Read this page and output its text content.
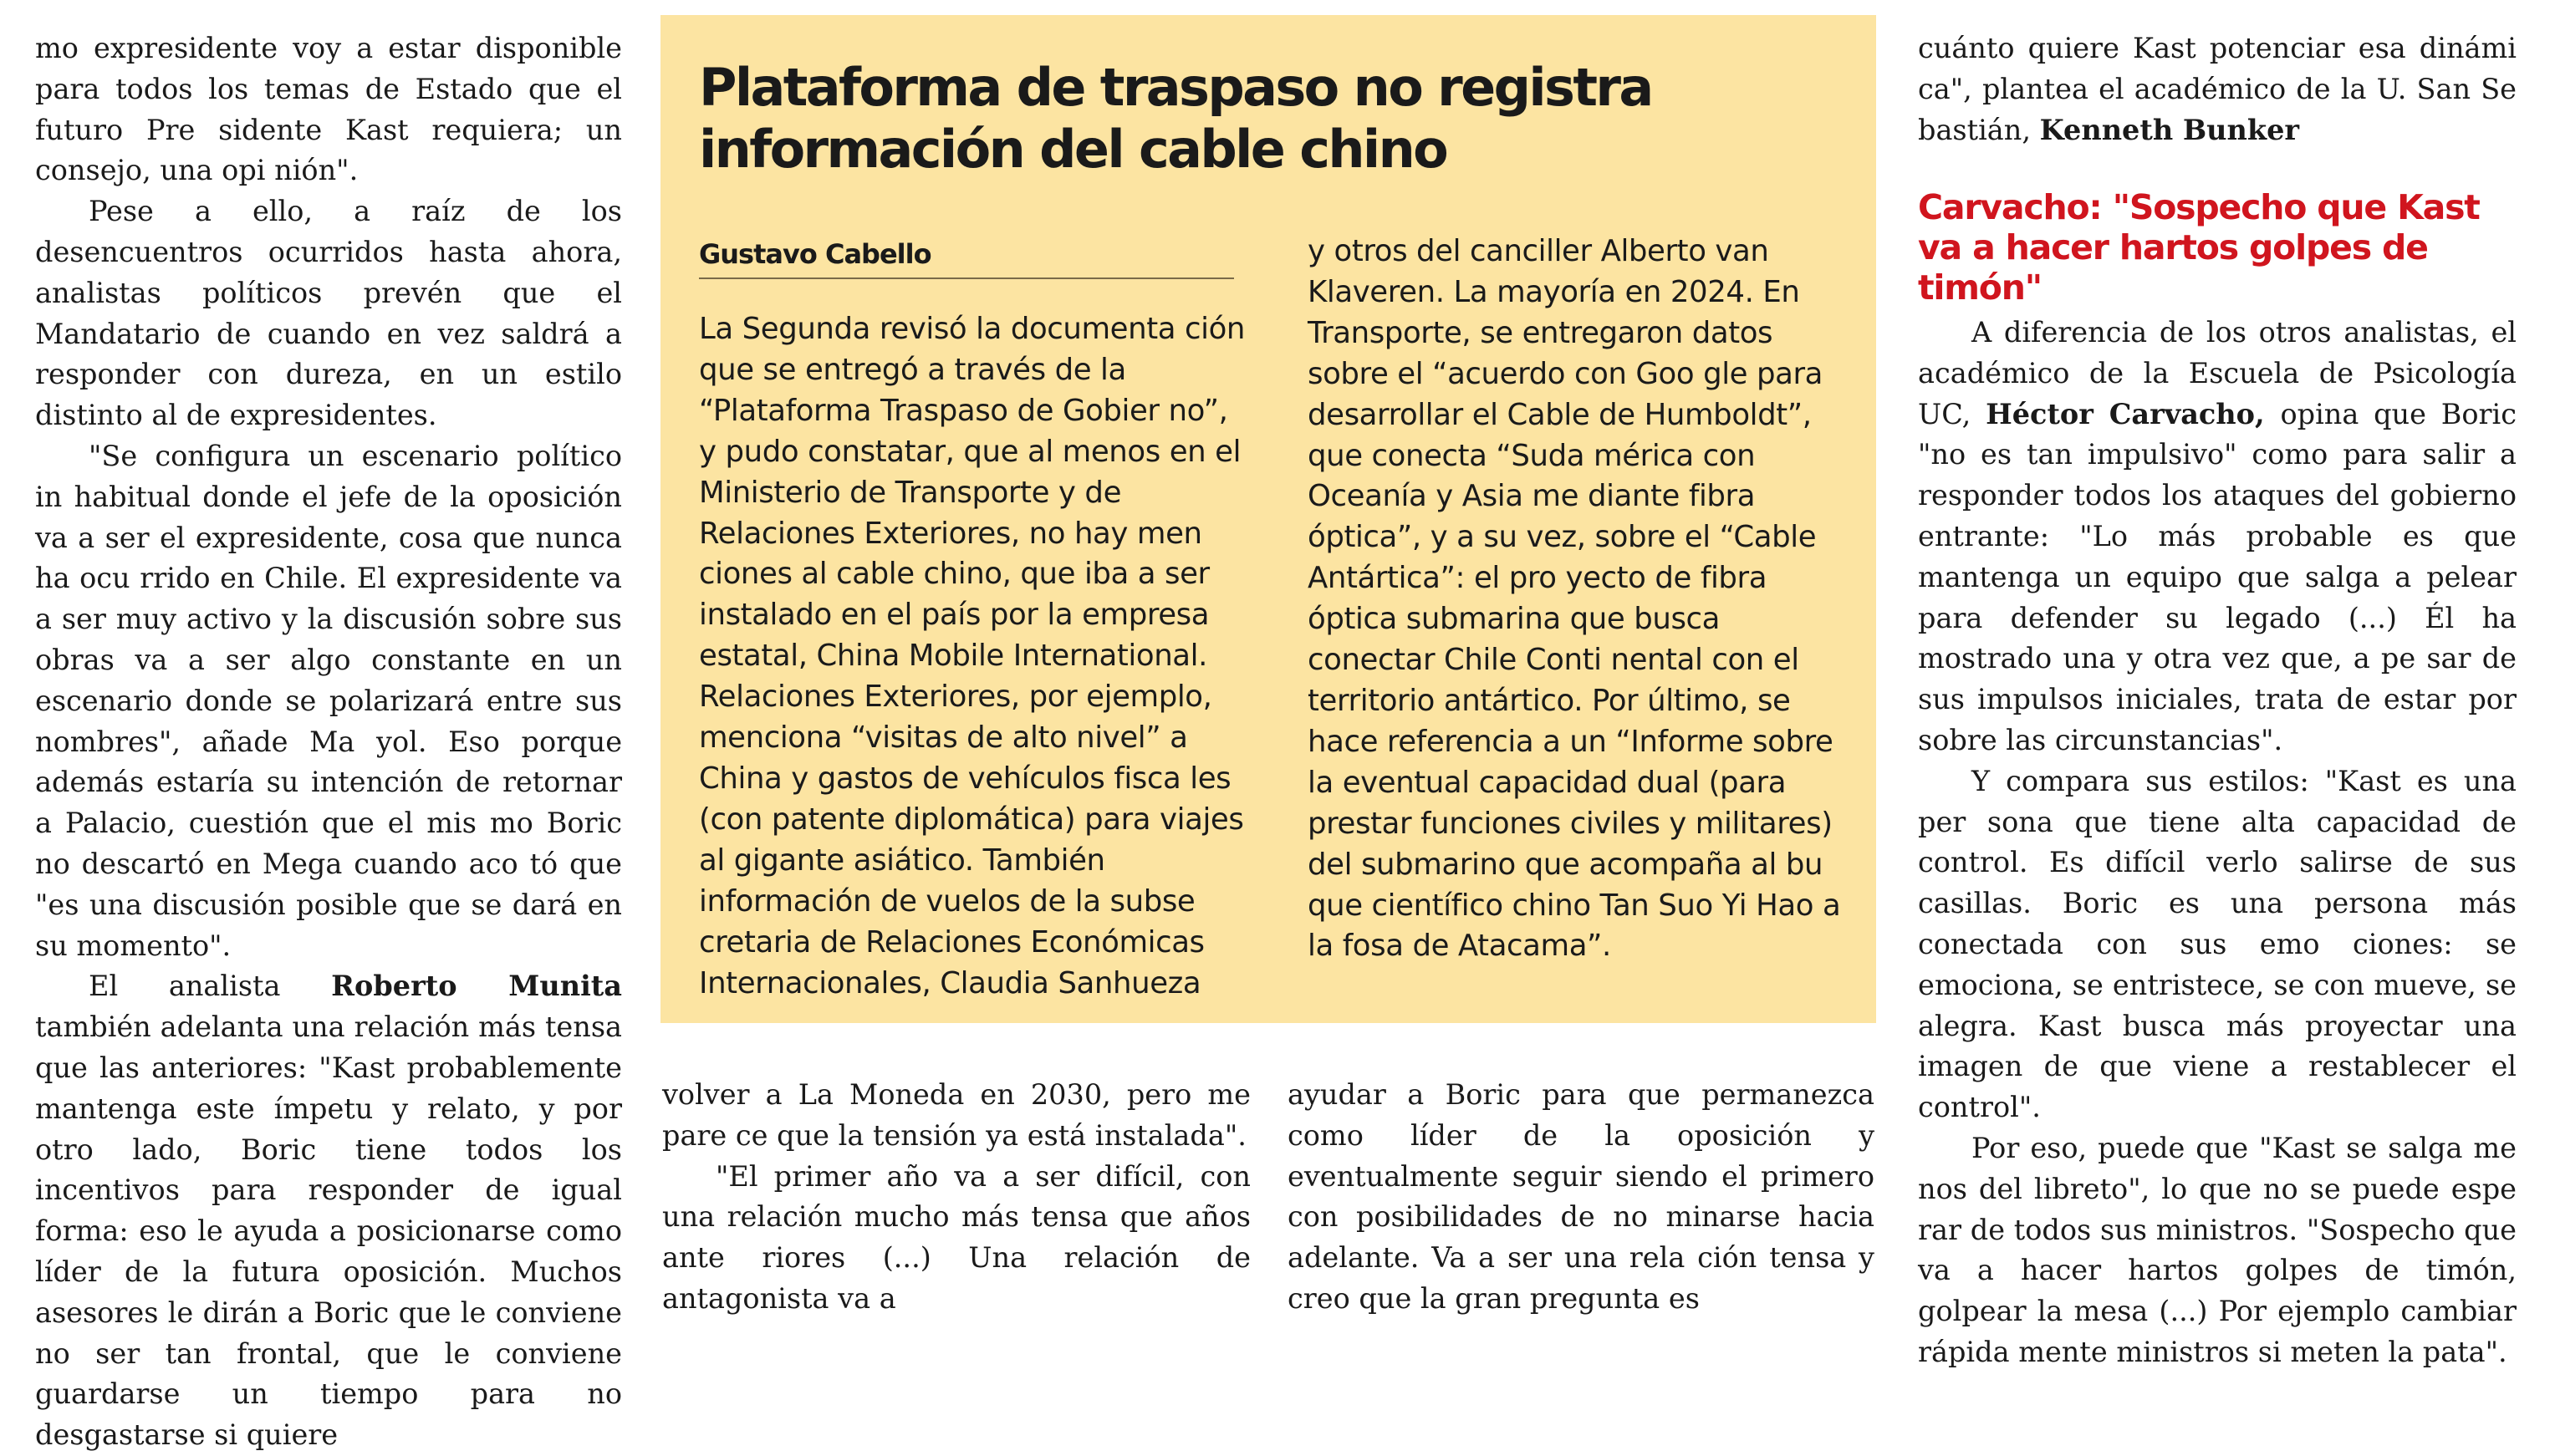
mo expresidente voy a estar disponible para todos los temas de Estado que el futuro Pre sidente Kast requiera; un consejo, una opi nión".

Pese a ello, a raíz de los desencuentros ocurridos hasta ahora, analistas políticos prevén que el Mandatario de cuando en vez saldrá a responder con dureza, en un estilo distinto al de expresidentes.

"Se configura un escenario político in habitual donde el jefe de la oposición va a ser el expresidente, cosa que nunca ha ocu rrido en Chile. El expresidente va a ser muy activo y la discusión sobre sus obras va a ser algo constante en un escenario donde se polarizará entre sus nombres", añade Ma yol. Eso porque además estaría su intención de retornar a Palacio, cuestión que el mis mo Boric no descartó en Mega cuando aco tó que "es una discusión posible que se dará en su momento".

El analista Roberto Munita también adelanta una relación más tensa que las anteriores: "Kast probablemente mantenga este ímpetu y relato, y por otro lado, Boric tiene todos los incentivos para responder de igual forma: eso le ayuda a posicionarse como líder de la futura oposición. Muchos asesores le dirán a Boric que le conviene no ser tan frontal, que le conviene guardarse un tiempo para no desgastarse si quiere

Plataforma de traspaso no registra información del cable chino
Gustavo Cabello

La Segunda revisó la documenta ción que se entregó a través de la “Plataforma Traspaso de Gobier no”, y pudo constatar, que al menos en el Ministerio de Transporte y de Relaciones Exteriores, no hay men ciones al cable chino, que iba a ser instalado en el país por la empresa estatal, China Mobile International. Relaciones Exteriores, por ejemplo, menciona “visitas de alto nivel” a China y gastos de vehículos fisca les (con patente diplomática) para viajes al gigante asiático. También información de vuelos de la subse cretaria de Relaciones Económicas Internacionales, Claudia Sanhueza

y otros del canciller Alberto van Klaveren. La mayoría en 2024. En Transporte, se entregaron datos sobre el “acuerdo con Goo gle para desarrollar el Cable de Humboldt”, que conecta “Suda mérica con Oceanía y Asia me diante fibra óptica”, y a su vez, sobre el “Cable Antártica”: el pro yecto de fibra óptica submarina que busca conectar Chile Conti nental con el territorio antártico. Por último, se hace referencia a un “Informe sobre la eventual capacidad dual (para prestar funciones civiles y militares) del submarino que acompaña al bu que científico chino Tan Suo Yi Hao a la fosa de Atacama”.

volver a La Moneda en 2030, pero me pare ce que la tensión ya está instalada".

"El primer año va a ser difícil, con una relación mucho más tensa que años ante riores (...) Una relación de antagonista va a

ayudar a Boric para que permanezca como líder de la oposición y eventualmente seguir siendo el primero con posibilidades de no minarse hacia adelante. Va a ser una rela ción tensa y creo que la gran pregunta es

cuánto quiere Kast potenciar esa dinámi ca", plantea el académico de la U. San Se bastián, Kenneth Bunker

Carvacho: "Sospecho que Kast va a hacer hartos golpes de timón"

A diferencia de los otros analistas, el académico de la Escuela de Psicología UC, Héctor Carvacho, opina que Boric "no es tan impulsivo" como para salir a responder todos los ataques del gobierno entrante: "Lo más probable es que mantenga un equipo que salga a pelear para defender su legado (...) Él ha mostrado una y otra vez que, a pe sar de sus impulsos iniciales, trata de estar por sobre las circunstancias".

Y compara sus estilos: "Kast es una per sona que tiene alta capacidad de control. Es difícil verlo salirse de sus casillas. Boric es una persona más conectada con sus emo ciones: se emociona, se entristece, se con mueve, se alegra. Kast busca más proyectar una imagen de que viene a restablecer el control".

Por eso, puede que "Kast se salga me nos del libreto", lo que no se puede espe rar de todos sus ministros. "Sospecho que va a hacer hartos golpes de timón, golpear la mesa (...) Por ejemplo cambiar rápida mente ministros si meten la pata".
